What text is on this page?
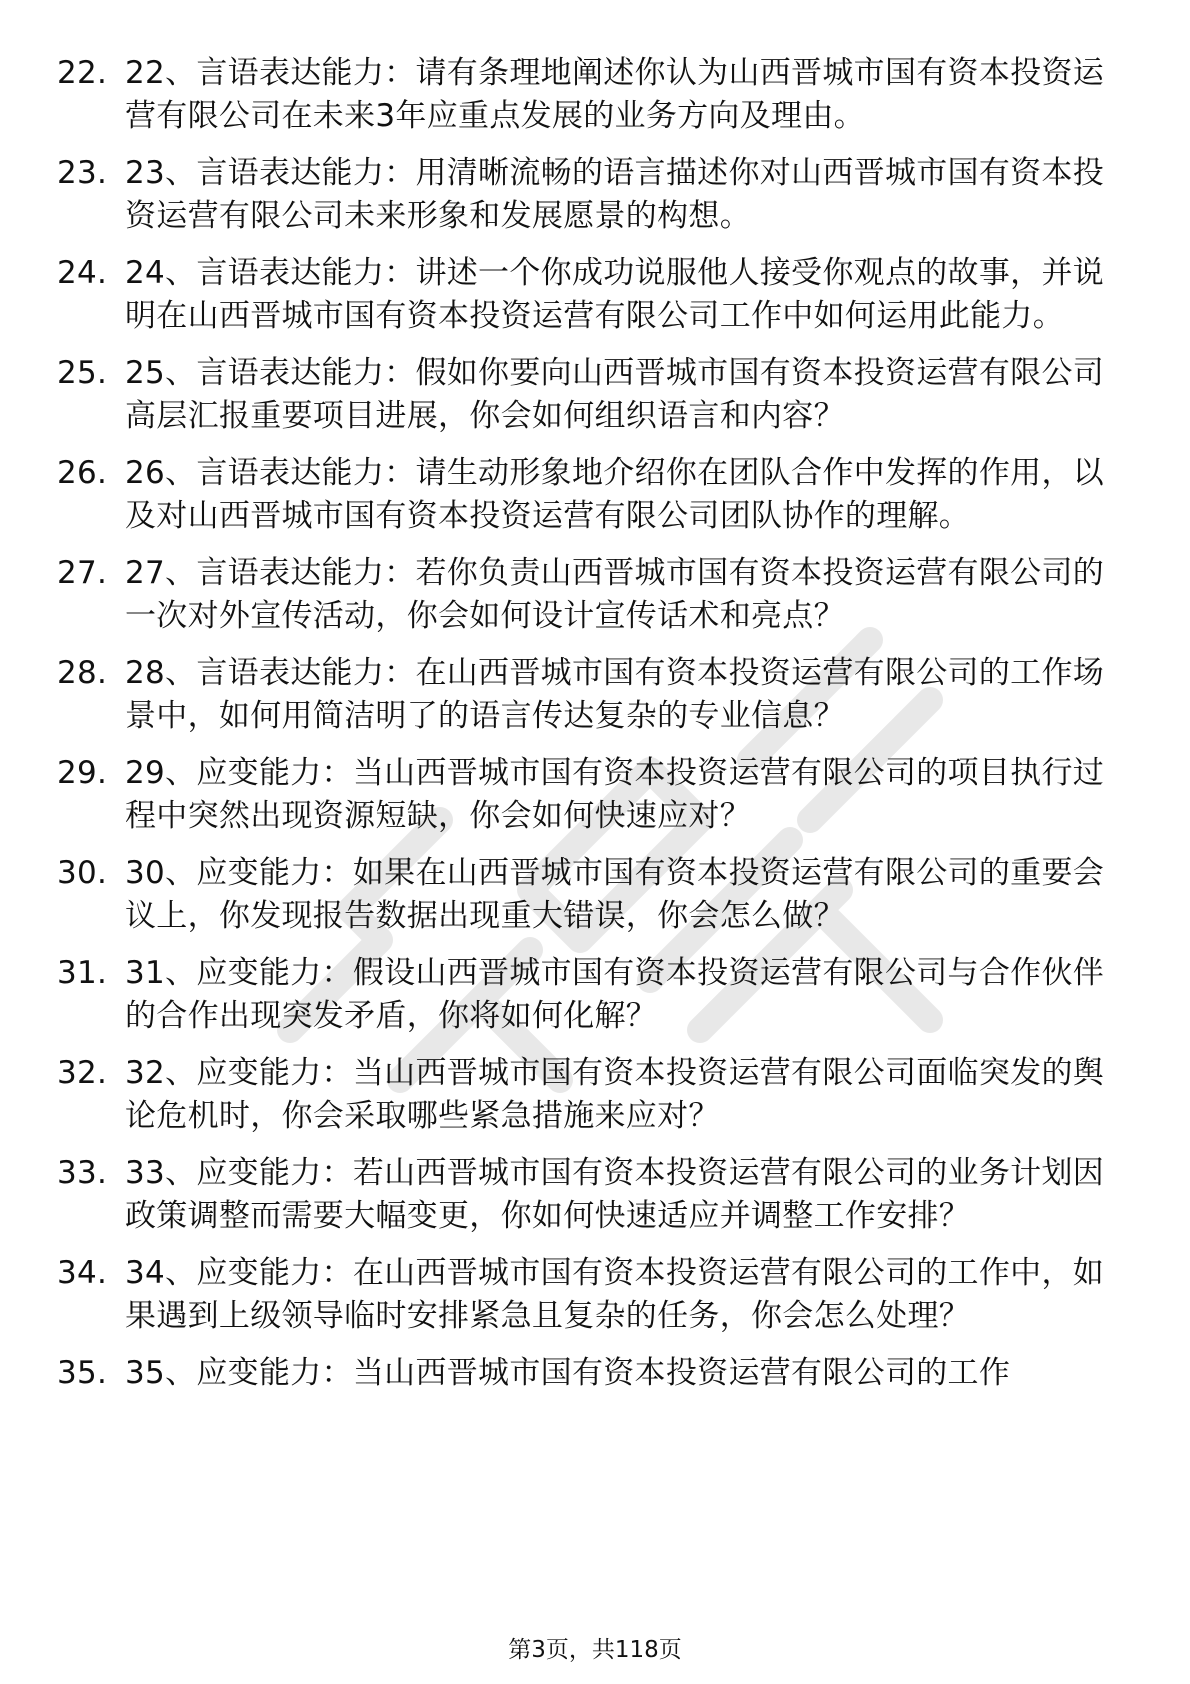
22. 22、言语表达能力：请有条理地阐述你认为山西晋城市国有资本投资运营有限公司在未来3年应重点发展的业务方向及理由。
23. 23、言语表达能力：用清晰流畅的语言描述你对山西晋城市国有资本投资运营有限公司未来形象和发展愿景的构想。
24. 24、言语表达能力：讲述一个你成功说服他人接受你观点的故事，并说明在山西晋城市国有资本投资运营有限公司工作中如何运用此能力。
25. 25、言语表达能力：假如你要向山西晋城市国有资本投资运营有限公司高层汇报重要项目进展，你会如何组织语言和内容？
26. 26、言语表达能力：请生动形象地介绍你在团队合作中发挥的作用，以及对山西晋城市国有资本投资运营有限公司团队协作的理解。
27. 27、言语表达能力：若你负责山西晋城市国有资本投资运营有限公司的一次对外宣传活动，你会如何设计宣传话术和亮点？
28. 28、言语表达能力：在山西晋城市国有资本投资运营有限公司的工作场景中，如何用简洁明了的语言传达复杂的专业信息？
29. 29、应变能力：当山西晋城市国有资本投资运营有限公司的项目执行过程中突然出现资源短缺，你会如何快速应对？
30. 30、应变能力：如果在山西晋城市国有资本投资运营有限公司的重要会议上，你发现报告数据出现重大错误，你会怎么做？
31. 31、应变能力：假设山西晋城市国有资本投资运营有限公司与合作伙伴的合作出现突发矛盾，你将如何化解？
32. 32、应变能力：当山西晋城市国有资本投资运营有限公司面临突发的舆论危机时，你会采取哪些紧急措施来应对？
33. 33、应变能力：若山西晋城市国有资本投资运营有限公司的业务计划因政策调整而需要大幅变更，你如何快速适应并调整工作安排？
34. 34、应变能力：在山西晋城市国有资本投资运营有限公司的工作中，如果遇到上级领导临时安排紧急且复杂的任务，你会怎么处理？
35. 35、应变能力：当山西晋城市国有资本投资运营有限公司的工作
第3页，共118页
